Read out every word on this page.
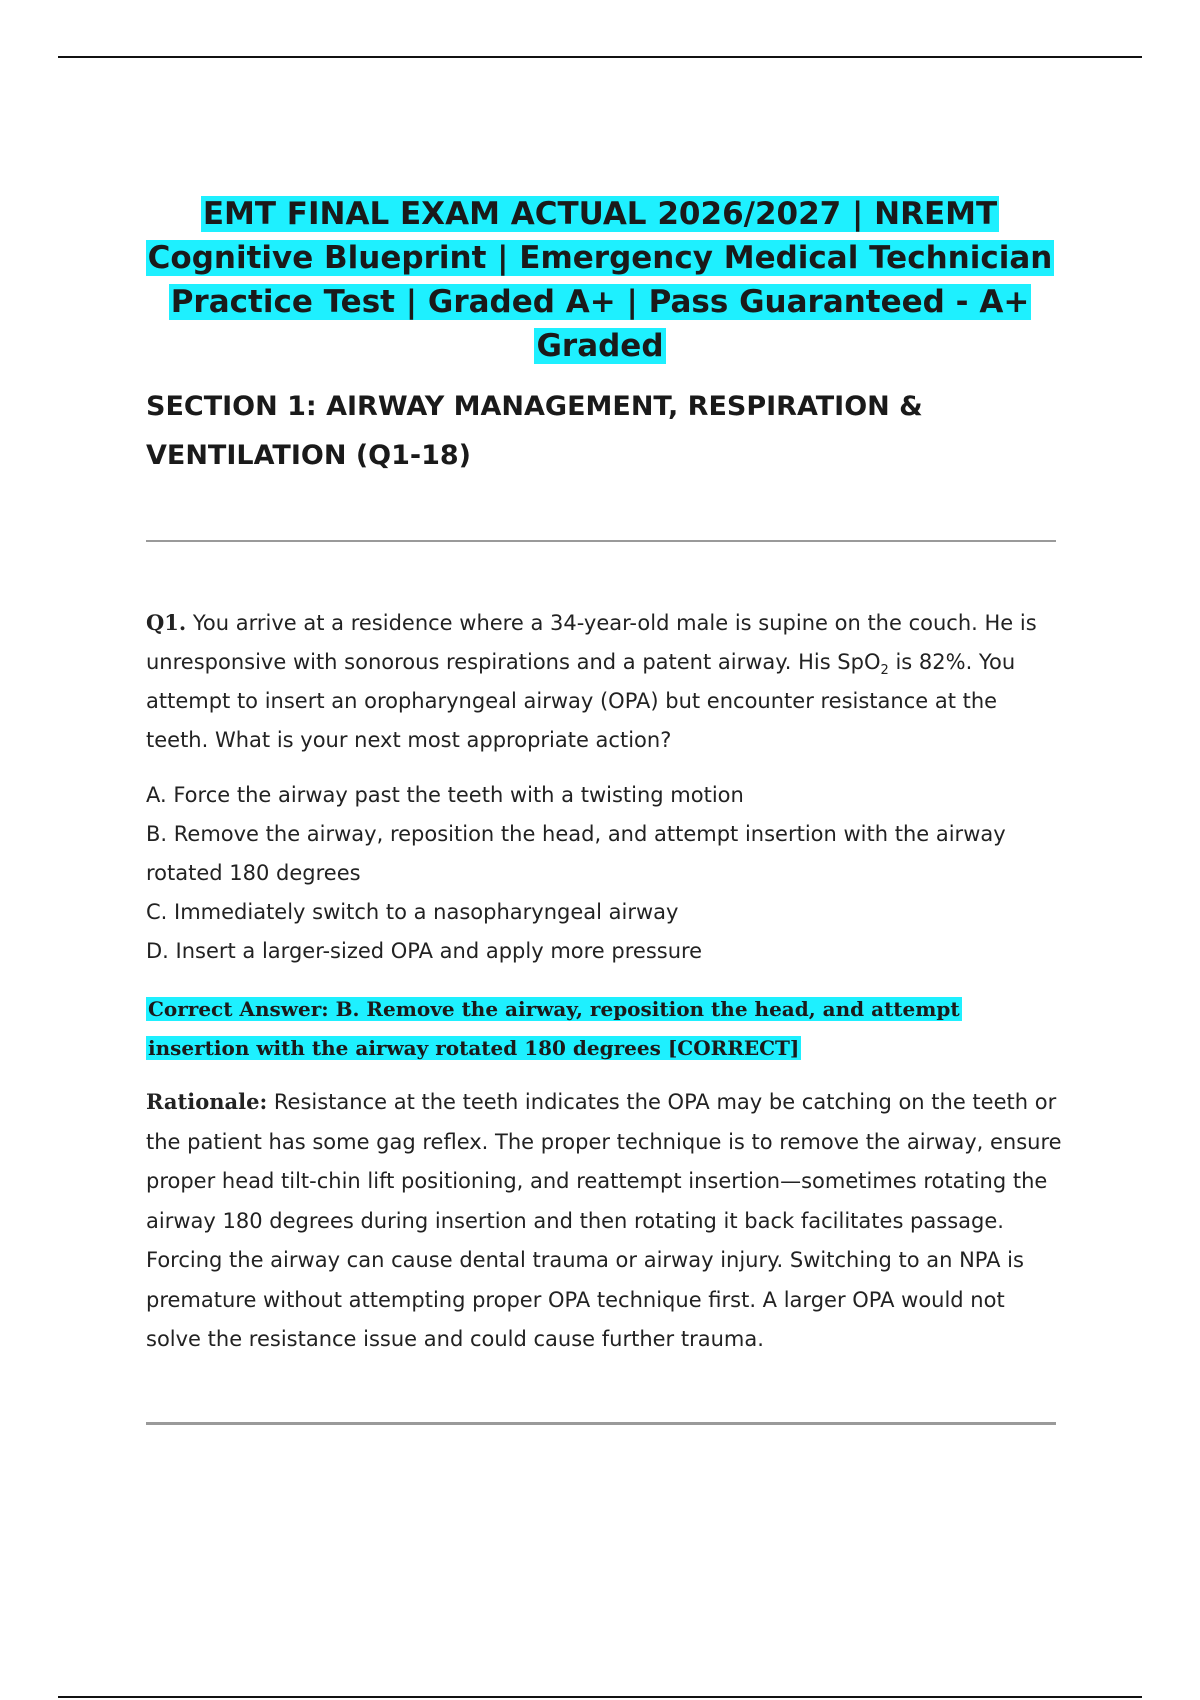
EMT FINAL EXAM ACTUAL 2026/2027 | NREMT Cognitive Blueprint | Emergency Medical Technician Practice Test | Graded A+ | Pass Guaranteed - A+ Graded
SECTION 1: AIRWAY MANAGEMENT, RESPIRATION & VENTILATION (Q1-18)
Q1. You arrive at a residence where a 34-year-old male is supine on the couch. He is unresponsive with sonorous respirations and a patent airway. His SpO$_2$ is 82%. You attempt to insert an oropharyngeal airway (OPA) but encounter resistance at the teeth. What is your next most appropriate action?
A. Force the airway past the teeth with a twisting motion
B. Remove the airway, reposition the head, and attempt insertion with the airway rotated 180 degrees
C. Immediately switch to a nasopharyngeal airway
D. Insert a larger-sized OPA and apply more pressure
Correct Answer: B. Remove the airway, reposition the head, and attempt insertion with the airway rotated 180 degrees [CORRECT]
Rationale: Resistance at the teeth indicates the OPA may be catching on the teeth or the patient has some gag reflex. The proper technique is to remove the airway, ensure proper head tilt-chin lift positioning, and reattempt insertion—sometimes rotating the airway 180 degrees during insertion and then rotating it back facilitates passage. Forcing the airway can cause dental trauma or airway injury. Switching to an NPA is premature without attempting proper OPA technique first. A larger OPA would not solve the resistance issue and could cause further trauma.
